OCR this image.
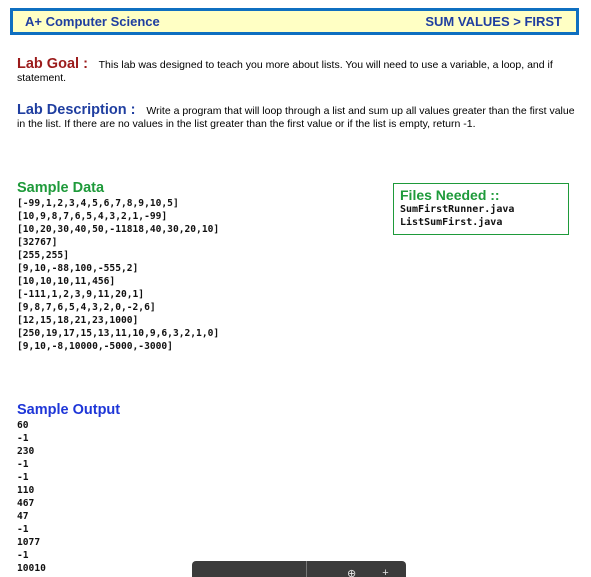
A+ Computer Science	SUM VALUES > FIRST
Lab Goal : This lab was designed to teach you more about lists. You will need to use a variable, a loop, and if statement.
Lab Description : Write a program that will loop through a list and sum up all values greater than the first value in the list. If there are no values in the list greater than the first value or if the list is empty, return -1.
Sample Data
[-99,1,2,3,4,5,6,7,8,9,10,5]
[10,9,8,7,6,5,4,3,2,1,-99]
[10,20,30,40,50,-11818,40,30,20,10]
[32767]
[255,255]
[9,10,-88,100,-555,2]
[10,10,10,11,456]
[-111,1,2,3,9,11,20,1]
[9,8,7,6,5,4,3,2,0,-2,6]
[12,15,18,21,23,1000]
[250,19,17,15,13,11,10,9,6,3,2,1,0]
[9,10,-8,10000,-5000,-3000]
Files Needed ::
SumFirstRunner.java
ListSumFirst.java
Sample Output
60
-1
230
-1
-1
110
467
47
-1
1077
-1
10010	⊕ +
